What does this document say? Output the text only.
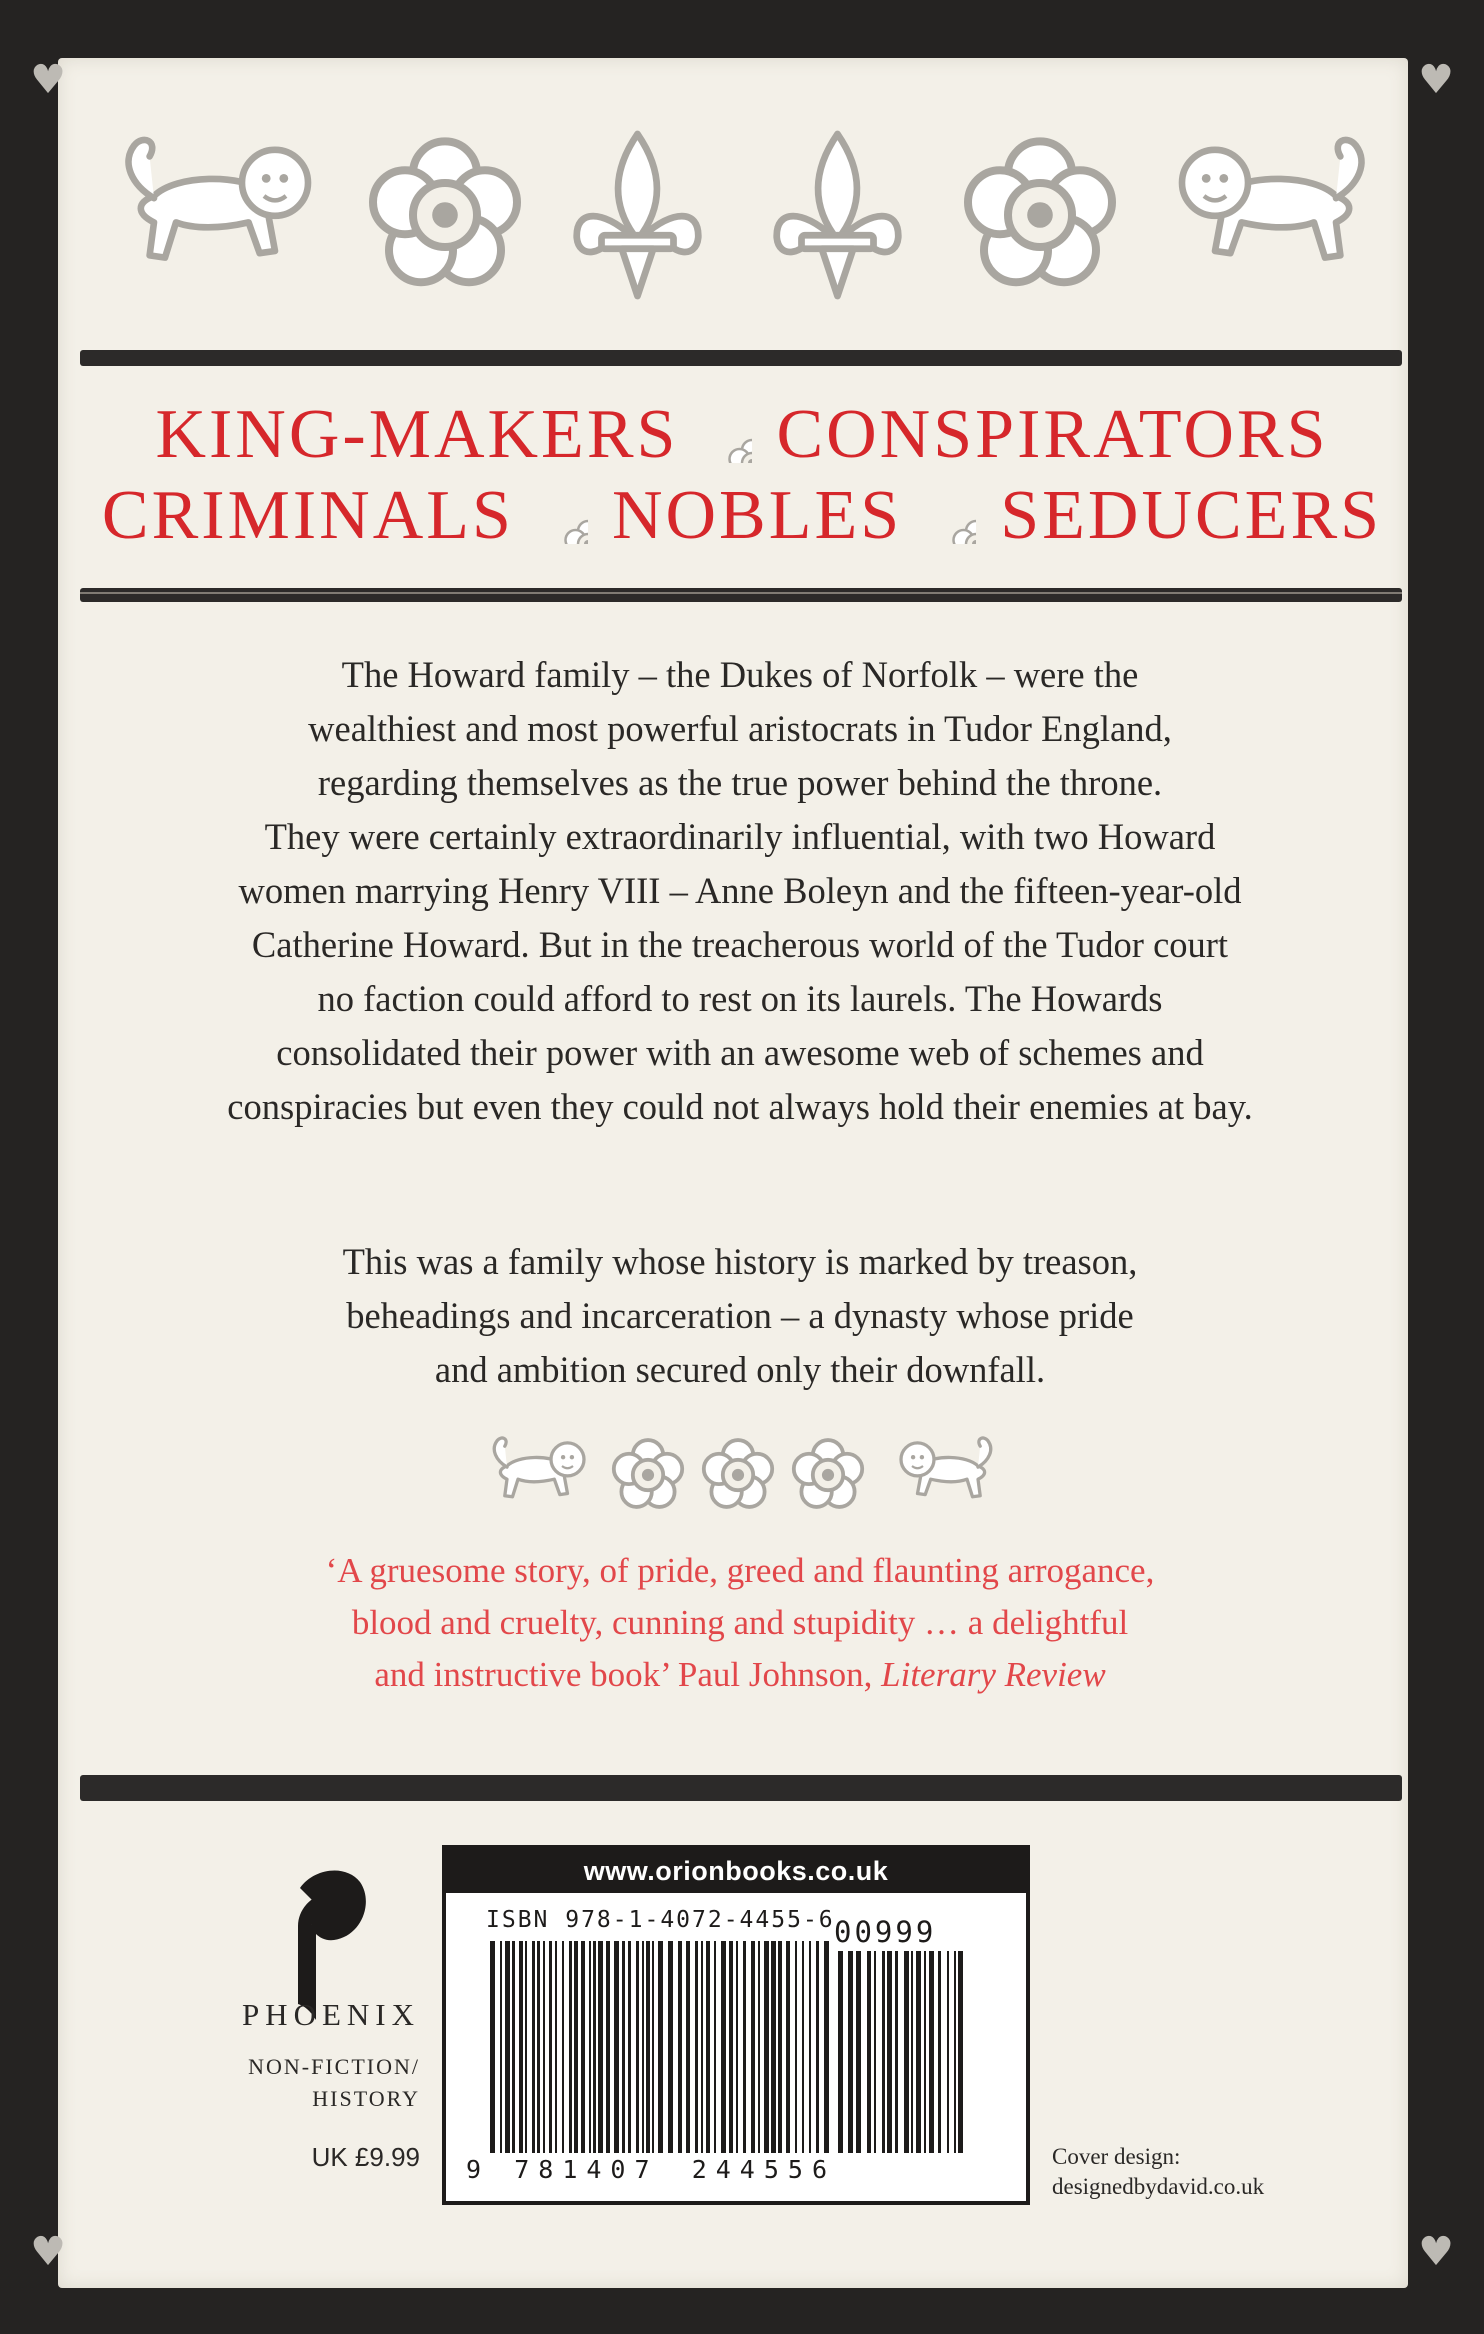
♥	♥
♥	♥
KING-MAKERS CONSPIRATORS
CRIMINALS NOBLES SEDUCERS

The Howard family – the Dukes of Norfolk – were the

wealthiest and most powerful aristocrats in Tudor England,

regarding themselves as the true power behind the throne.

They were certainly extraordinarily influential, with two Howard

women marrying Henry VIII – Anne Boleyn and the fifteen-year-old

Catherine Howard. But in the treacherous world of the Tudor court

no faction could afford to rest on its laurels. The Howards

consolidated their power with an awesome web of schemes and

conspiracies but even they could not always hold their enemies at bay.

This was a family whose history is marked by treason,

beheadings and incarceration – a dynasty whose pride

and ambition secured only their downfall.

‘A gruesome story, of pride, greed and flaunting arrogance,
blood and cruelty, cunning and stupidity … a delightful
and instructive book’ Paul Johnson, Literary Review
PHOENIX
NON-FICTION/
HISTORY
UK £9.99
www.orionbooks.co.uk
ISBN 978-1-4072-4455-6 00999
9 781407 244556	Cover design:
designedbydavid.co.uk
